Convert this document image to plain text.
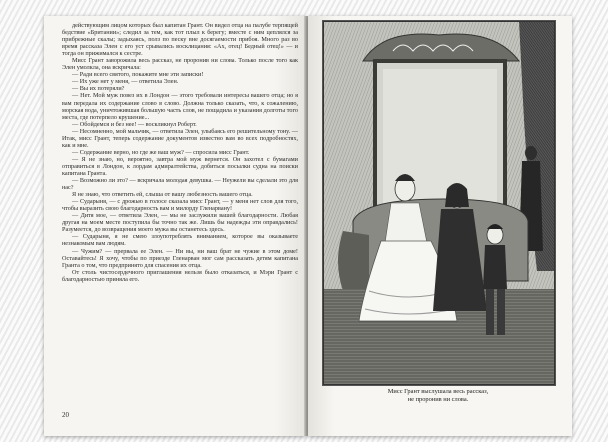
действующим лицом которых был капитан Грант. Он видел отца на палубе терпящей бедствие «Британии»; следил за тем, как тот плыл к берегу; вместе с ним цеплялся за прибрежные скалы; задыхаясь, полз по песку вне досягаемости прибоя. Много раз во время рассказа Элен с его уст срывались восклицания: «Ах, отец! Бедный отец!» — и тогда он прижимался к сестре.

Мисс Грант заворожила весь рассказ, не проронив ни слова. Только после того как Элен умолкла, она вскричала:

— Ради всего святого, покажите мне эти записки!

— Их уже нет у меня, — ответила Элен.

— Вы их потеряли?

— Нет. Мой муж повез их в Лондон — этого требовали интересы вашего отца; но я вам передала их содержание слово в слово. Должна только сказать, что, к сожалению, морская вода, уничтожившая большую часть слов, не пощадила и указания долготы того места, где потерпело крушение...

— Обойдемся и без нее! — воскликнул Роберт.

— Несомненно, мой мальчик, — ответила Элен, улыбаясь его решительному тону. — Итак, мисс Грант, теперь содержание документов известно вам во всех подробностях, как и мне.

— Содержание верно, но где же ваш муж? — спросила мисс Грант.

— Я не знаю, но, вероятно, завтра мой муж вернется. Он захотел с бумагами отправиться в Лондон, к лордам адмиралтейства, добиться посылки судна на поиски капитана Гранта.

— Возможно ли это? — вскричала молодая девушка. — Неужели вы сделали это для нас?

Я не знаю, что ответить ей, слыша от вашу любезность вашего отца.

— Сударыня, — с дрожью в голосе сказала мисс Грант, — у меня нет слов для того, чтобы выразить свою благодарность вам и милорду Гленарвану!

— Дитя мое, — ответила Элен, — мы не заслужили вашей благодарности. Любая другая на моем месте поступила бы точно так же. Лишь бы надежды эти оправдались! Разумеется, до возвращения моего мужа вы останетесь здесь.

— Сударыня, я не смею злоупотреблять вниманием, которое вы оказываете незнакомым вам людям.

— Чужим? — прервала ее Элен. — Ни вы, ни ваш брат не чужие в этом доме! Оставайтесь! Я хочу, чтобы по приезде Гленарван мог сам рассказать детям капитана Гранта о том, что предпринято для спасения их отца.

От столь чистосердечного приглашения нельзя было отказаться, и Мэри Грант с благодарностью приняла его.

20
Мисс Грант выслушала весь рассказ,
не проронив ни слова.
